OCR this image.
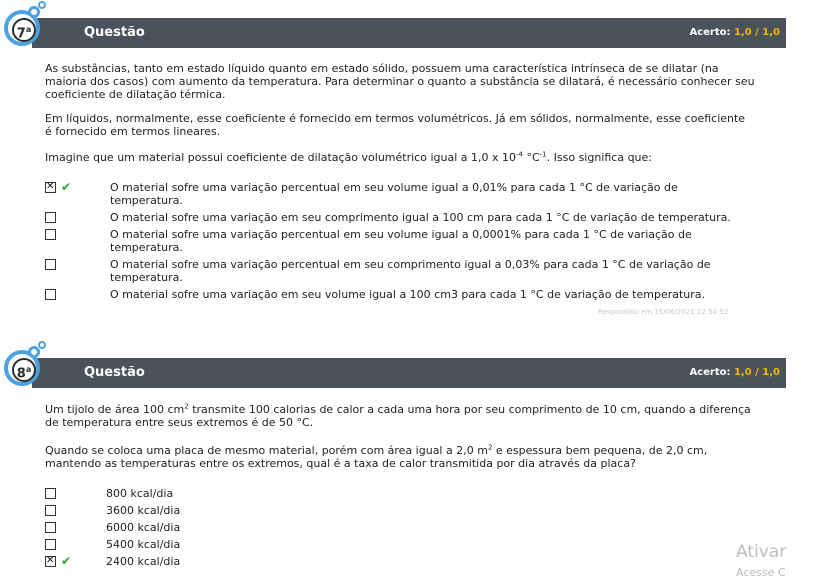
Questão	Acerto: 1,0 / 1,0
7$^a$
As substâncias, tanto em estado líquido quanto em estado sólido, possuem uma característica intrínseca de se dilatar (na maioria dos casos) com aumento da temperatura. Para determinar o quanto a substância se dilatará, é necessário conhecer seu coeficiente de dilatação térmica.
Em líquidos, normalmente, esse coeficiente é fornecido em termos volumétricos. Já em sólidos, normalmente, esse coeficiente é fornecido em termos lineares.
Imagine que um material possui coeficiente de dilatação volumétrico igual a 1,0 x $10^{-4}$ $^\circ C^{-1}$. Isso significa que:
✕
✔	O material sofre uma variação percentual em seu volume igual a 0,01% para cada 1 °C de variação de temperatura.
O material sofre uma variação em seu comprimento igual a 100 cm para cada 1 °C de variação de temperatura.
O material sofre uma variação percentual em seu volume igual a 0,0001% para cada 1 °C de variação de temperatura.
O material sofre uma variação percentual em seu comprimento igual a 0,03% para cada 1 °C de variação de temperatura.
O material sofre uma variação em seu volume igual a 100 cm3 para cada 1 °C de variação de temperatura.
Respondido em 15/06/2021 12:54:52
Questão	Acerto: 1,0 / 1,0
8$^a$
Um tijolo de área 100 $cm^2$ transmite 100 calorias de calor a cada uma hora por seu comprimento de 10 cm, quando a diferença de temperatura entre seus extremos é de 50 °C.
Quando se coloca uma placa de mesmo material, porém com área igual a 2,0 $m^2$ e espessura bem pequena, de 2,0 cm, mantendo as temperaturas entre os extremos, qual é a taxa de calor transmitida por dia através da placa?
800 kcal/dia
3600 kcal/dia
6000 kcal/dia
5400 kcal/dia
✕
✔	2400 kcal/dia	Ativar
Acesse C
